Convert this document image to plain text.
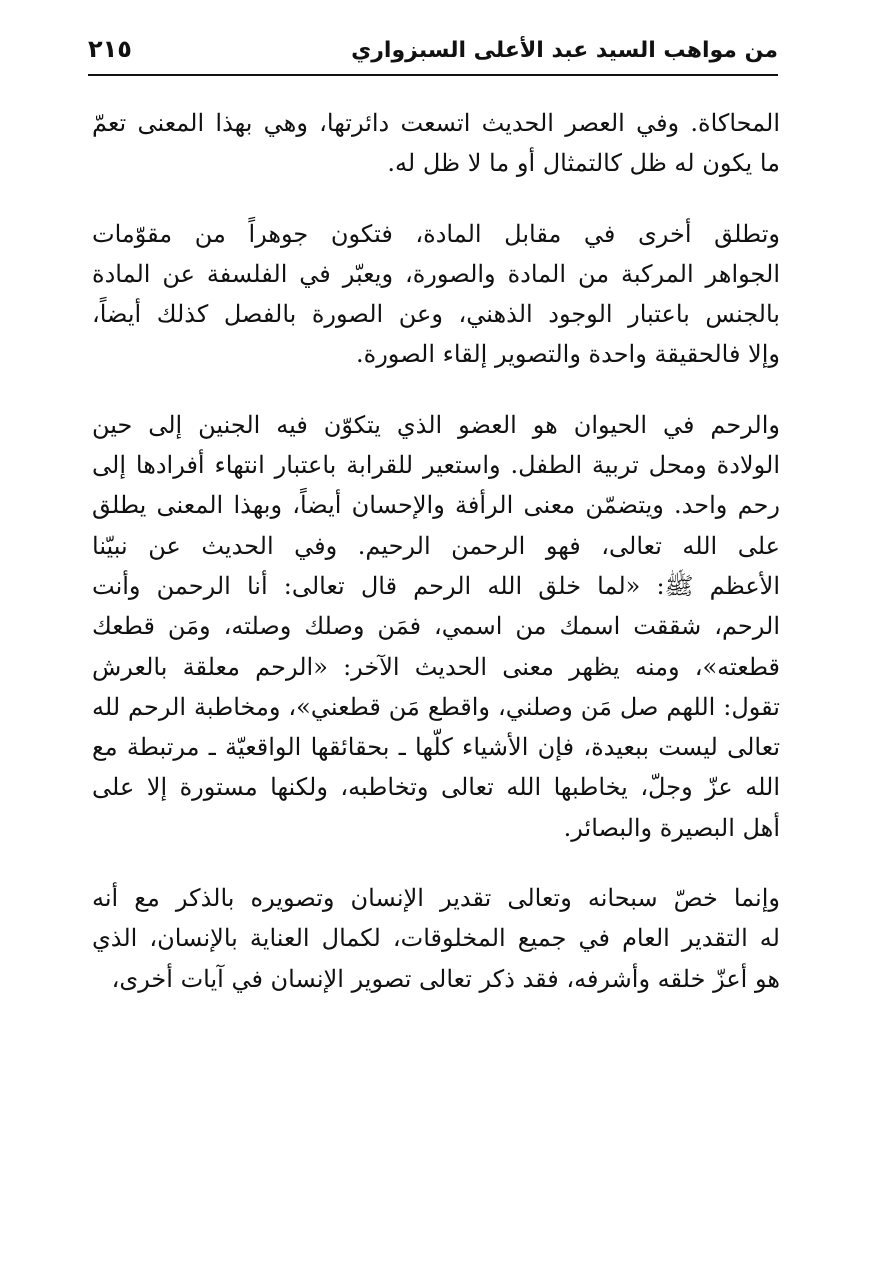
من مواهب السيد عبد الأعلى السبزواري
٢١٥
المحاكاة. وفي العصر الحديث اتسعت دائرتها، وهي بهذا المعنى تعمّ
ما يكون له ظل كالتمثال أو ما لا ظل له.
وتطلق أخرى في مقابل المادة، فتكون جوهراً من مقوّمات
الجواهر المركبة من المادة والصورة، ويعبّر في الفلسفة عن المادة
بالجنس باعتبار الوجود الذهني، وعن الصورة بالفصل كذلك أيضاً،
وإلا فالحقيقة واحدة والتصوير إلقاء الصورة.
والرحم في الحيوان هو العضو الذي يتكوّن فيه الجنين إلى حين
الولادة ومحل تربية الطفل. واستعير للقرابة باعتبار انتهاء أفرادها إلى
رحم واحد. ويتضمّن معنى الرأفة والإحسان أيضاً، وبهذا المعنى يطلق
على الله تعالى، فهو الرحمن الرحيم. وفي الحديث عن نبيّنا
الأعظم ﷺ: «لما خلق الله الرحم قال تعالى: أنا الرحمن وأنت
الرحم، شققت اسمك من اسمي، فمَن وصلك وصلته، ومَن قطعك
قطعته»، ومنه يظهر معنى الحديث الآخر: «الرحم معلقة بالعرش
تقول: اللهم صل مَن وصلني، واقطع مَن قطعني»، ومخاطبة الرحم لله
تعالى ليست ببعيدة، فإن الأشياء كلّها ـ بحقائقها الواقعيّة ـ مرتبطة مع
الله عزّ وجلّ، يخاطبها الله تعالى وتخاطبه، ولكنها مستورة إلا على
أهل البصيرة والبصائر.
وإنما خصّ سبحانه وتعالى تقدير الإنسان وتصويره بالذكر مع أنه
له التقدير العام في جميع المخلوقات، لكمال العناية بالإنسان، الذي
هو أعزّ خلقه وأشرفه، فقد ذكر تعالى تصوير الإنسان في آيات أخرى،
